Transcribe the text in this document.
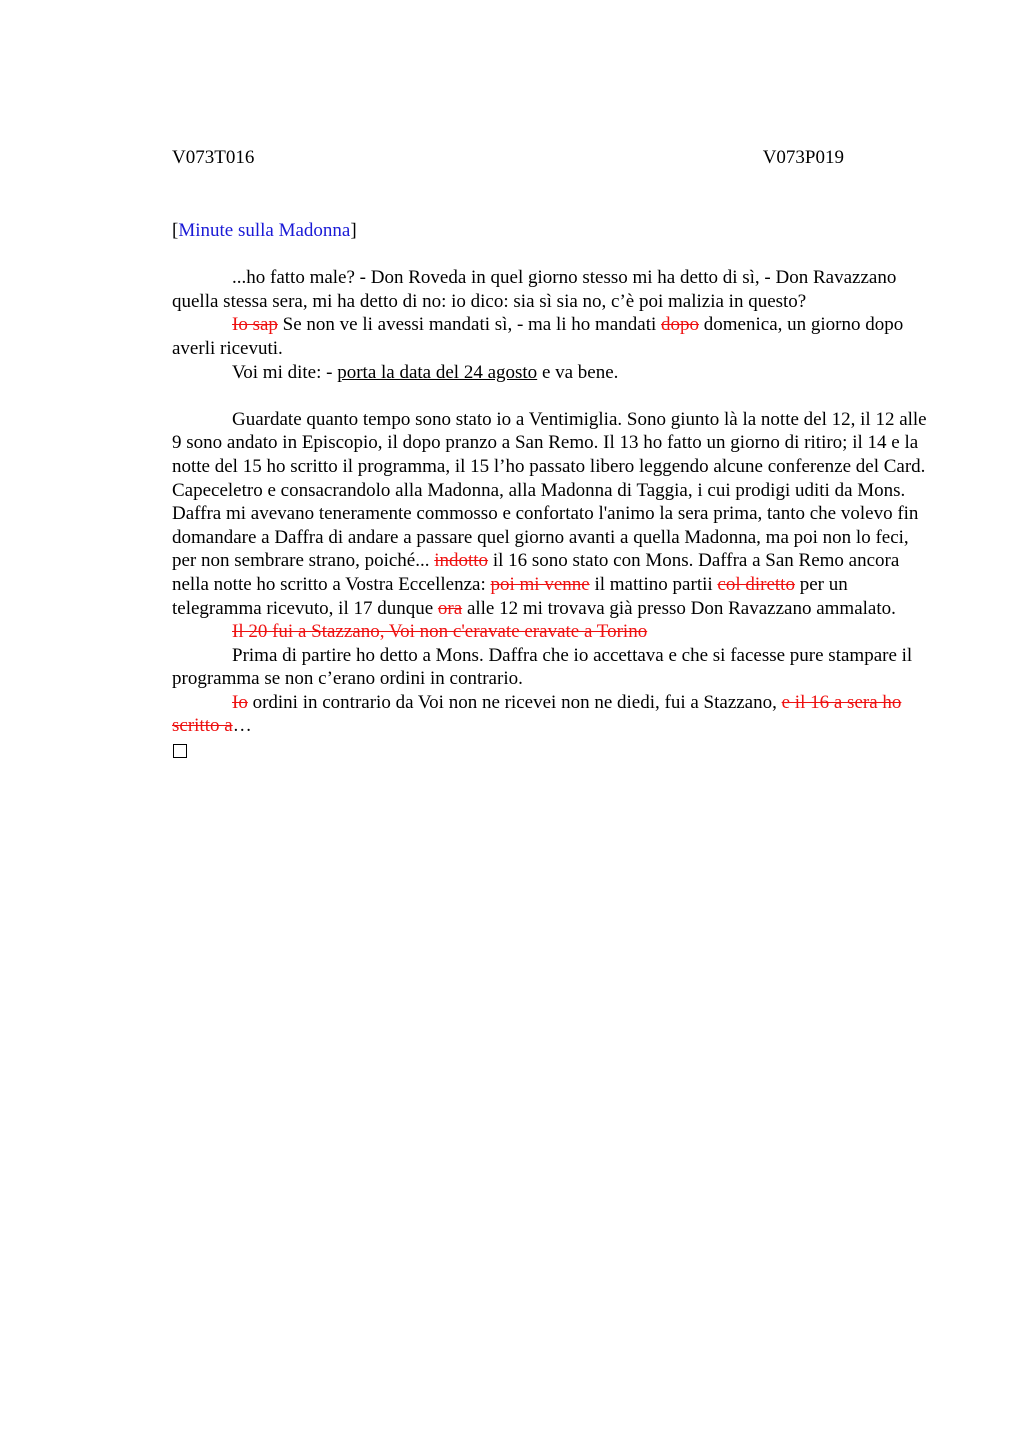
V073T016	V073P019
[Minute sulla Madonna]

...ho fatto male? - Don Roveda in quel giorno stesso mi ha detto di sì, - Don Ravazzano quella stessa sera, mi ha detto di no: io dico: sia sì sia no, c’è poi malizia in questo?

Io sap Se non ve li avessi mandati sì, - ma li ho mandati dopo domenica, un giorno dopo averli ricevuti.

Voi mi dite: - porta la data del 24 agosto e va bene.

Guardate quanto tempo sono stato io a Ventimiglia. Sono giunto là la notte del 12, il 12 alle 9 sono andato in Episcopio, il dopo pranzo a San Remo. Il 13 ho fatto un giorno di ritiro; il 14 e la notte del 15 ho scritto il programma, il 15 l’ho passato libero leggendo alcune conferenze del Card. Capeceletro e consacrandolo alla Madonna, alla Madonna di Taggia, i cui prodigi uditi da Mons. Daffra mi avevano teneramente commosso e confortato l'animo la sera prima, tanto che volevo fin domandare a Daffra di andare a passare quel giorno avanti a quella Madonna, ma poi non lo feci, per non sembrare strano, poiché... indotto il 16 sono stato con Mons. Daffra a San Remo ancora nella notte ho scritto a Vostra Eccellenza: poi mi venne il mattino partii col diretto per un telegramma ricevuto, il 17 dunque ora alle 12 mi trovava già presso Don Ravazzano ammalato.

Il 20 fui a Stazzano, Voi non c'eravate eravate a Torino

Prima di partire ho detto a Mons. Daffra che io accettava e che si facesse pure stampare il programma se non c’erano ordini in contrario.

Io ordini in contrario da Voi non ne ricevei non ne diedi, fui a Stazzano, e il 16 a sera ho scritto a…
